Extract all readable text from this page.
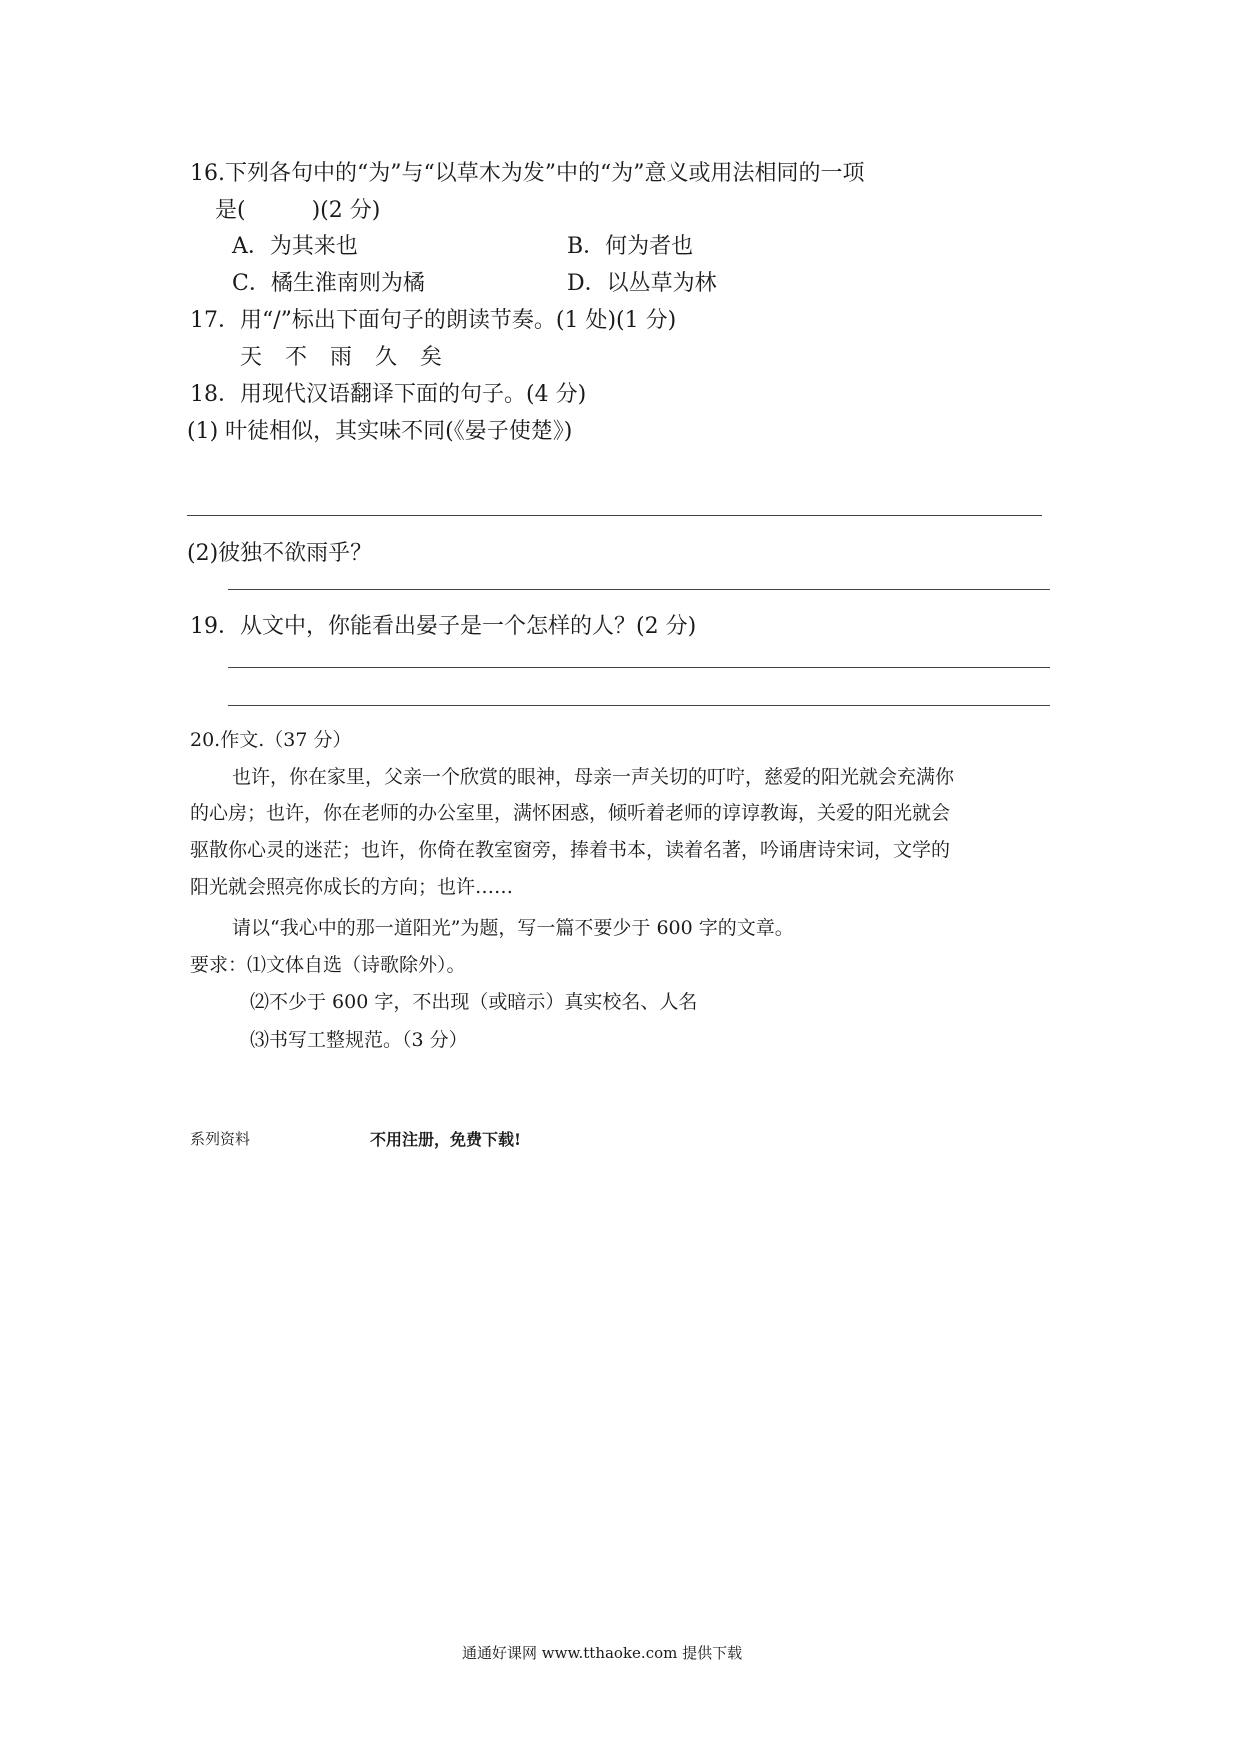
16.下列各句中的“为”与“以草木为发”中的“为”意义或用法相同的一项
是(　　　)(2 分)
A．为其来也	B．何为者也
C．橘生淮南则为橘	D．以丛草为林
17．用“/”标出下面句子的朗读节奏。(1 处)(1 分)
天 不 雨 久 矣
18．用现代汉语翻译下面的句子。(4 分)
(1) 叶徒相似，其实味不同(《晏子使楚》)
(2)彼独不欲雨乎？
19．从文中，你能看出晏子是一个怎样的人？(2 分)
20.作文.（37 分）
也许，你在家里，父亲一个欣赏的眼神，母亲一声关切的叮咛，慈爱的阳光就会充满你
的心房；也许，你在老师的办公室里，满怀困惑，倾听着老师的谆谆教诲，关爱的阳光就会
驱散你心灵的迷茫；也许，你倚在教室窗旁，捧着书本，读着名著，吟诵唐诗宋词，文学的
阳光就会照亮你成长的方向；也许……
请以“我心中的那一道阳光”为题，写一篇不要少于 600 字的文章。
要求：⑴文体自选（诗歌除外）。
⑵不少于 600 字，不出现（或暗示）真实校名、人名
⑶书写工整规范。（3 分）
系列资料	不用注册，免费下载!
通通好课网 www.tthaoke.com 提供下载
